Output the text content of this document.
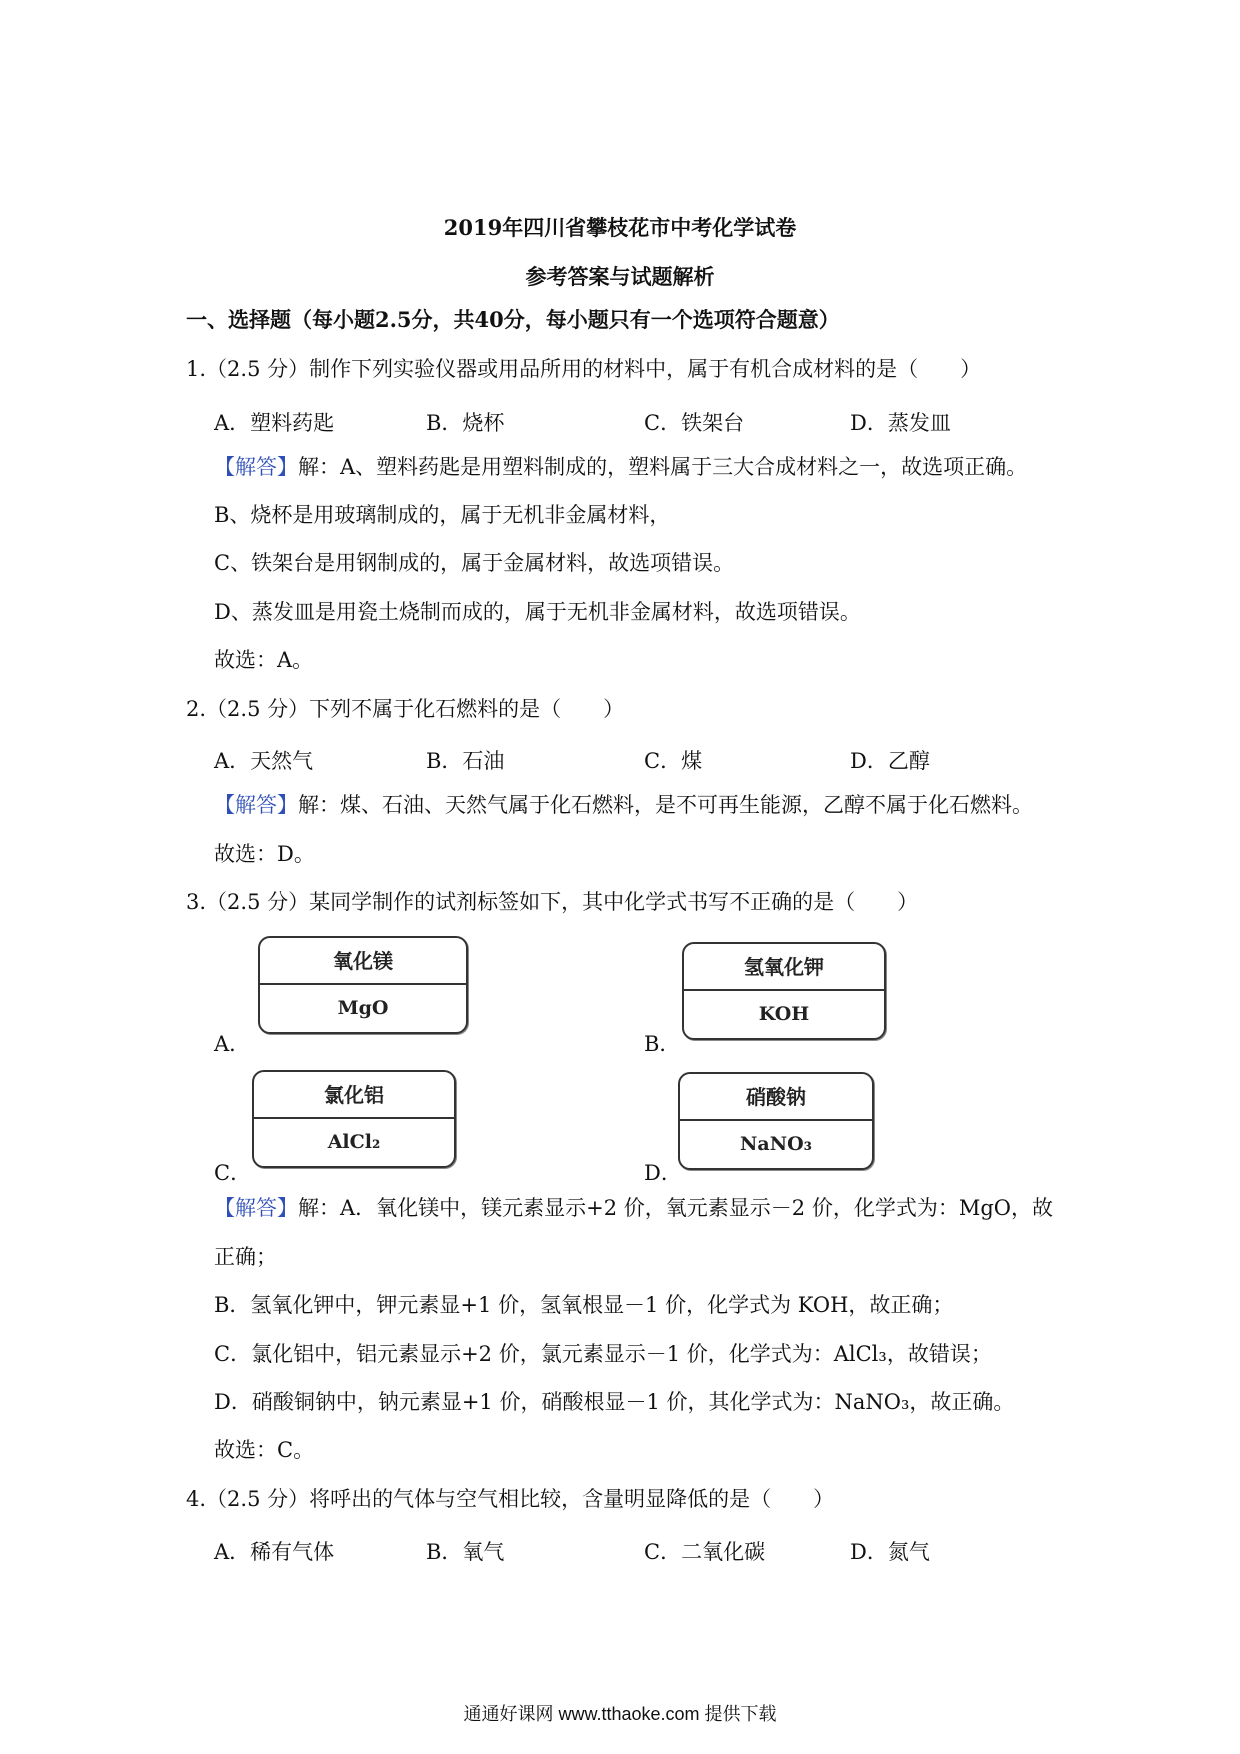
2019年四川省攀枝花市中考化学试卷
参考答案与试题解析
一、选择题（每小题2.5分，共40分，每小题只有一个选项符合题意）
1.（2.5 分）制作下列实验仪器或用品所用的材料中，属于有机合成材料的是（　　）
A．塑料药匙	B．烧杯	C．铁架台	D．蒸发皿
【解答】解：A、塑料药匙是用塑料制成的，塑料属于三大合成材料之一，故选项正确。
B、烧杯是用玻璃制成的，属于无机非金属材料，
C、铁架台是用钢制成的，属于金属材料，故选项错误。
D、蒸发皿是用瓷土烧制而成的，属于无机非金属材料，故选项错误。
故选：A。
2.（2.5 分）下列不属于化石燃料的是（　　）
A．天然气	B．石油	C．煤	D．乙醇
【解答】解：煤、石油、天然气属于化石燃料，是不可再生能源，乙醇不属于化石燃料。
故选：D。
3.（2.5 分）某同学制作的试剂标签如下，其中化学式书写不正确的是（　　）
氧化镁
MgO
A．
氢氧化钾
KOH
B．
氯化铝
AlCl₂
C．
硝酸钠
NaNO₃
D．
【解答】解：A．氧化镁中，镁元素显示+2 价，氧元素显示－2 价，化学式为：MgO，故
正确；
B．氢氧化钾中，钾元素显+1 价，氢氧根显－1 价，化学式为 KOH，故正确；
C．氯化铝中，铝元素显示+2 价，氯元素显示－1 价，化学式为：AlCl₃，故错误；
D．硝酸铜钠中，钠元素显+1 价，硝酸根显－1 价，其化学式为：NaNO₃，故正确。
故选：C。
4.（2.5 分）将呼出的气体与空气相比较，含量明显降低的是（　　）
A．稀有气体	B．氧气	C．二氧化碳	D．氮气
通通好课网 www.tthaoke.com 提供下载
